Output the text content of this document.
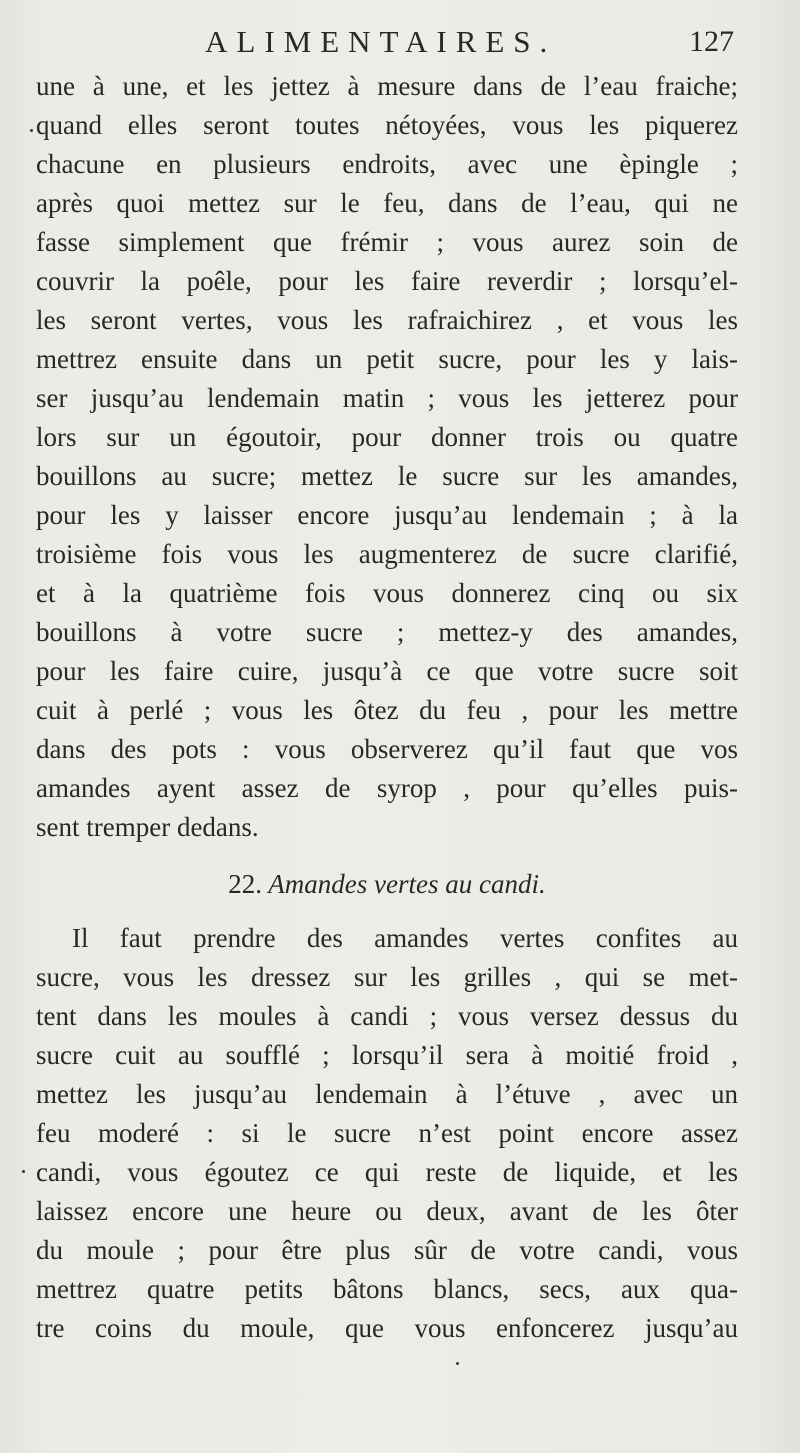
ALIMENTAIRES.	127
une à une, et les jettez à mesure dans de l’eau fraiche;
quand elles seront toutes nétoyées, vous les piquerez
chacune en plusieurs endroits, avec une èpingle ;
après quoi mettez sur le feu, dans de l’eau, qui ne
fasse simplement que frémir ; vous aurez soin de
couvrir la poêle, pour les faire reverdir ; lorsqu’el-
les seront vertes, vous les rafraichirez , et vous les
mettrez ensuite dans un petit sucre, pour les y lais-
ser jusqu’au lendemain matin ; vous les jetterez pour
lors sur un égoutoir, pour donner trois ou quatre
bouillons au sucre; mettez le sucre sur les amandes,
pour les y laisser encore jusqu’au lendemain ; à la
troisième fois vous les augmenterez de sucre clarifié,
et à la quatrième fois vous donnerez cinq ou six
bouillons à votre sucre ; mettez-y des amandes,
pour les faire cuire, jusqu’à ce que votre sucre soit
cuit à perlé ; vous les ôtez du feu , pour les mettre
dans des pots : vous observerez qu’il faut que vos
amandes ayent assez de syrop , pour qu’elles puis-
sent tremper dedans.
22. Amandes vertes au candi.
Il faut prendre des amandes vertes confites au
sucre, vous les dressez sur les grilles , qui se met-
tent dans les moules à candi ; vous versez dessus du
sucre cuit au soufflé ; lorsqu’il sera à moitié froid ,
mettez les jusqu’au lendemain à l’étuve , avec un
feu moderé : si le sucre n’est point encore assez
candi, vous égoutez ce qui reste de liquide, et les
laissez encore une heure ou deux, avant de les ôter
du moule ; pour être plus sûr de votre candi, vous
mettrez quatre petits bâtons blancs, secs, aux qua-
tre coins du moule, que vous enfoncerez jusqu’au
